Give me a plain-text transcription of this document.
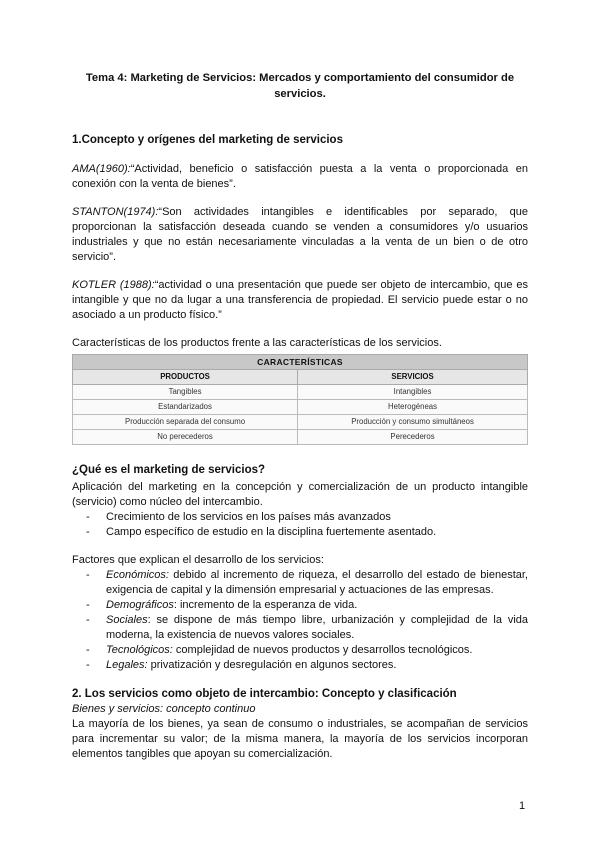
Tema 4: Marketing de Servicios: Mercados y comportamiento del consumidor de servicios.
1.Concepto y orígenes del marketing de servicios

AMA(1960):“Actividad, beneficio o satisfacción puesta a la venta o proporcionada en conexión con la venta de bienes”.

STANTON(1974):“Son actividades intangibles e identificables por separado, que proporcionan la satisfacción deseada cuando se venden a consumidores y/o usuarios industriales y que no están necesariamente vinculadas a la venta de un bien o de otro servicio”.

KOTLER (1988):“actividad o una presentación que puede ser objeto de intercambio, que es intangible y que no da lugar a una transferencia de propiedad. El servicio puede estar o no asociado a un producto físico.”

Características de los productos frente a las características de los servicios.

CARACTERÍSTICAS	
PRODUCTOS	SERVICIOS
Tangibles	Intangibles
Estandarizados	Heterogéneas
Producción separada del consumo	Producción y consumo simultáneos
No perecederos	Perecederos
¿Qué es el marketing de servicios?

Aplicación del marketing en la concepción y comercialización de un producto intangible (servicio) como núcleo del intercambio.

- Crecimiento de los servicios en los países más avanzados
- Campo específico de estudio en la disciplina fuertemente asentado.

Factores que explican el desarrollo de los servicios:

- Económicos: debido al incremento de riqueza, el desarrollo del estado de bienestar, exigencia de capital y la dimensión empresarial y actuaciones de las empresas.
- Demográficos: incremento de la esperanza de vida.
- Sociales: se dispone de más tiempo libre, urbanización y complejidad de la vida moderna, la existencia de nuevos valores sociales.
- Tecnológicos: complejidad de nuevos productos y desarrollos tecnológicos.
- Legales: privatización y desregulación en algunos sectores.
2. Los servicios como objeto de intercambio: Concepto y clasificación

Bienes y servicios: concepto continuo

La mayoría de los bienes, ya sean de consumo o industriales, se acompañan de servicios para incrementar su valor; de la misma manera, la mayoría de los servicios incorporan elementos tangibles que apoyan su comercialización.

1
